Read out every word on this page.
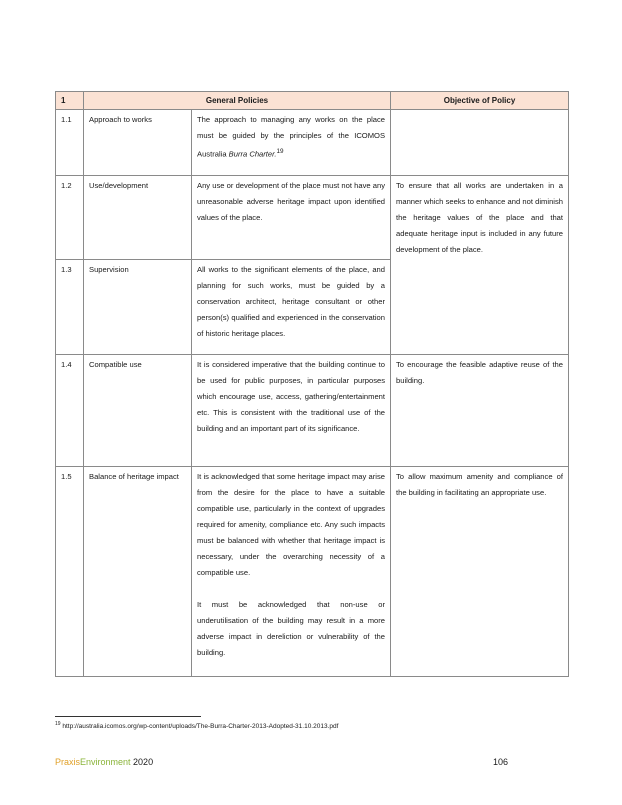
1	General Policies		Objective of Policy
1.1	Approach to works	The approach to managing any works on the place must be guided by the principles of the ICOMOS Australia Burra Charter.$^{19}$	
1.2	Use/development	Any use or development of the place must not have any unreasonable adverse heritage impact upon identified values of the place.	To ensure that all works are undertaken in a manner which seeks to enhance and not diminish the heritage values of the place and that adequate heritage input is included in any future development of the place.
1.3	Supervision	All works to the significant elements of the place, and planning for such works, must be guided by a conservation architect, heritage consultant or other person(s) qualified and experienced in the conservation of historic heritage places.	
1.4	Compatible use	It is considered imperative that the building continue to be used for public purposes, in particular purposes which encourage use, access, gathering/entertainment etc. This is consistent with the traditional use of the building and an important part of its significance.	To encourage the feasible adaptive reuse of the building.
1.5	Balance of heritage impact	It is acknowledged that some heritage impact may arise from the desire for the place to have a suitable compatible use, particularly in the context of upgrades required for amenity, compliance etc. Any such impacts must be balanced with whether that heritage impact is necessary, under the overarching necessity of a compatible use.
It must be acknowledged that non-use or underutilisation of the building may result in a more adverse impact in dereliction or vulnerability of the building.	To allow maximum amenity and compliance of the building in facilitating an appropriate use.
$^{19}$ http://australia.icomos.org/wp-content/uploads/The-Burra-Charter-2013-Adopted-31.10.2013.pdf
PraxisEnvironment 2020	106
